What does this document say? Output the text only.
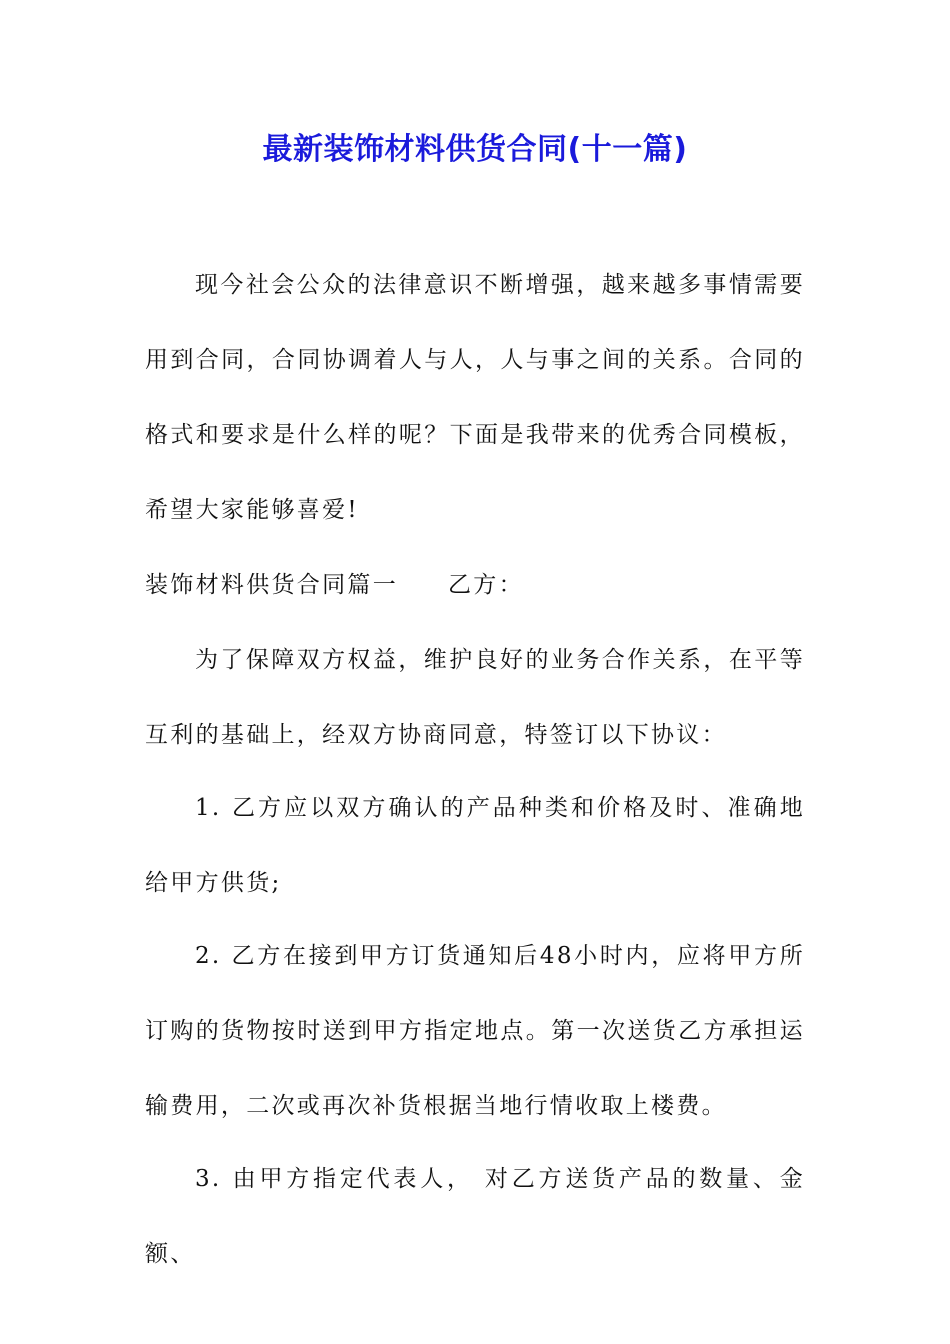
最新装饰材料供货合同(十一篇)
现今社会公众的法律意识不断增强，越来越多事情需要用到合同，合同协调着人与人，人与事之间的关系。合同的格式和要求是什么样的呢？下面是我带来的优秀合同模板，希望大家能够喜爱!
装饰材料供货合同篇一 乙方：
为了保障双方权益，维护良好的业务合作关系，在平等互利的基础上，经双方协商同意，特签订以下协议：
1. 乙方应以双方确认的产品种类和价格及时、准确地给甲方供货;
2. 乙方在接到甲方订货通知后48小时内，应将甲方所订购的货物按时送到甲方指定地点。第一次送货乙方承担运输费用，二次或再次补货根据当地行情收取上楼费。
3. 由甲方指定代表人， 对乙方送货产品的数量、金额、
